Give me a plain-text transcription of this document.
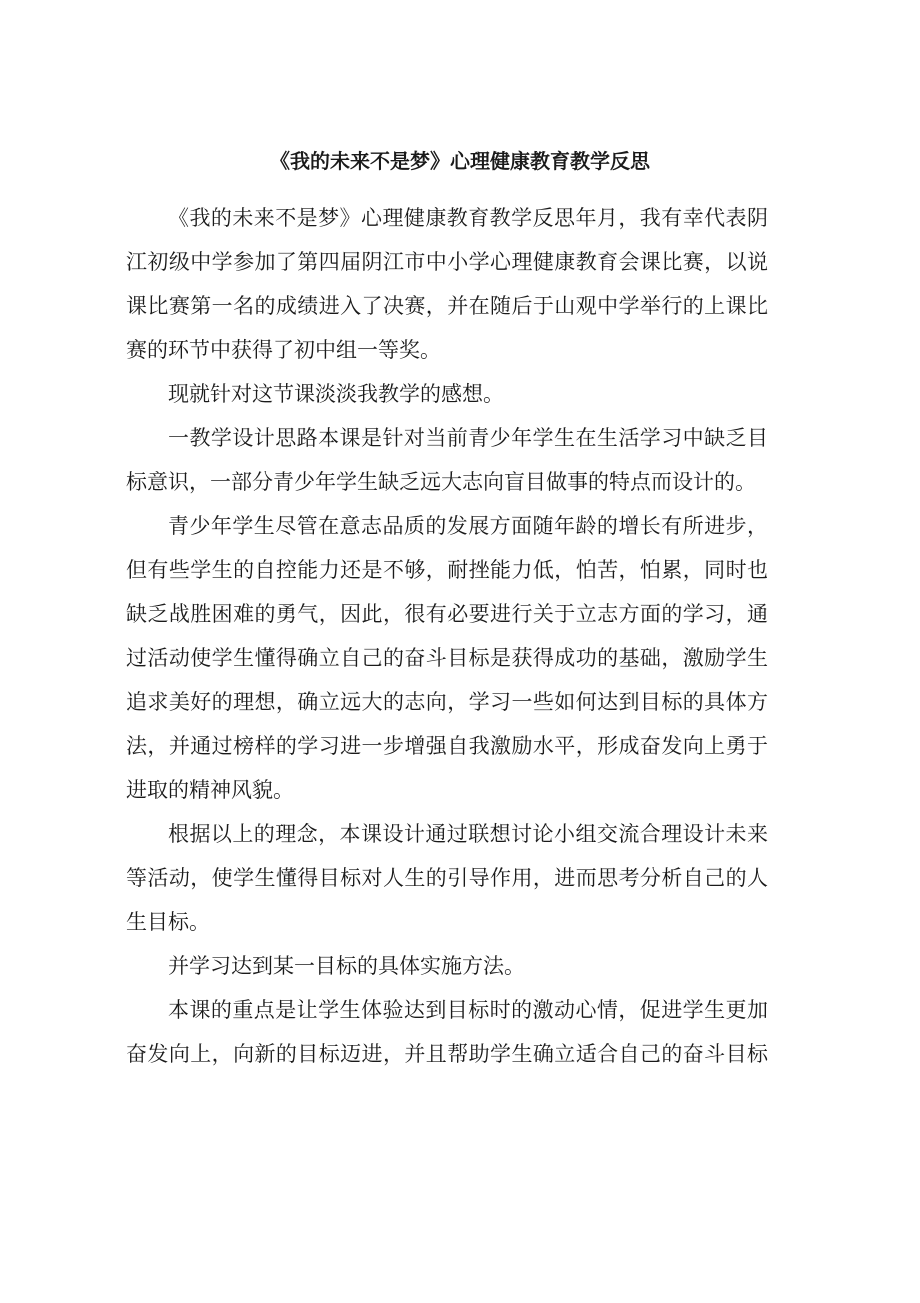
《我的未来不是梦》心理健康教育教学反思
《我的未来不是梦》心理健康教育教学反思年月，我有幸代表阴
江初级中学参加了第四届阴江市中小学心理健康教育会课比赛，以说
课比赛第一名的成绩进入了决赛，并在随后于山观中学举行的上课比
赛的环节中获得了初中组一等奖。
现就针对这节课淡淡我教学的感想。
一教学设计思路本课是针对当前青少年学生在生活学习中缺乏目
标意识，一部分青少年学生缺乏远大志向盲目做事的特点而设计的。
青少年学生尽管在意志品质的发展方面随年龄的增长有所进步，
但有些学生的自控能力还是不够，耐挫能力低，怕苦，怕累，同时也
缺乏战胜困难的勇气，因此，很有必要进行关于立志方面的学习，通
过活动使学生懂得确立自己的奋斗目标是获得成功的基础，激励学生
追求美好的理想，确立远大的志向，学习一些如何达到目标的具体方
法，并通过榜样的学习进一步增强自我激励水平，形成奋发向上勇于
进取的精神风貌。
根据以上的理念，本课设计通过联想讨论小组交流合理设计未来
等活动，使学生懂得目标对人生的引导作用，进而思考分析自己的人
生目标。
并学习达到某一目标的具体实施方法。
本课的重点是让学生体验达到目标时的激动心情，促进学生更加
奋发向上，向新的目标迈进，并且帮助学生确立适合自己的奋斗目标
